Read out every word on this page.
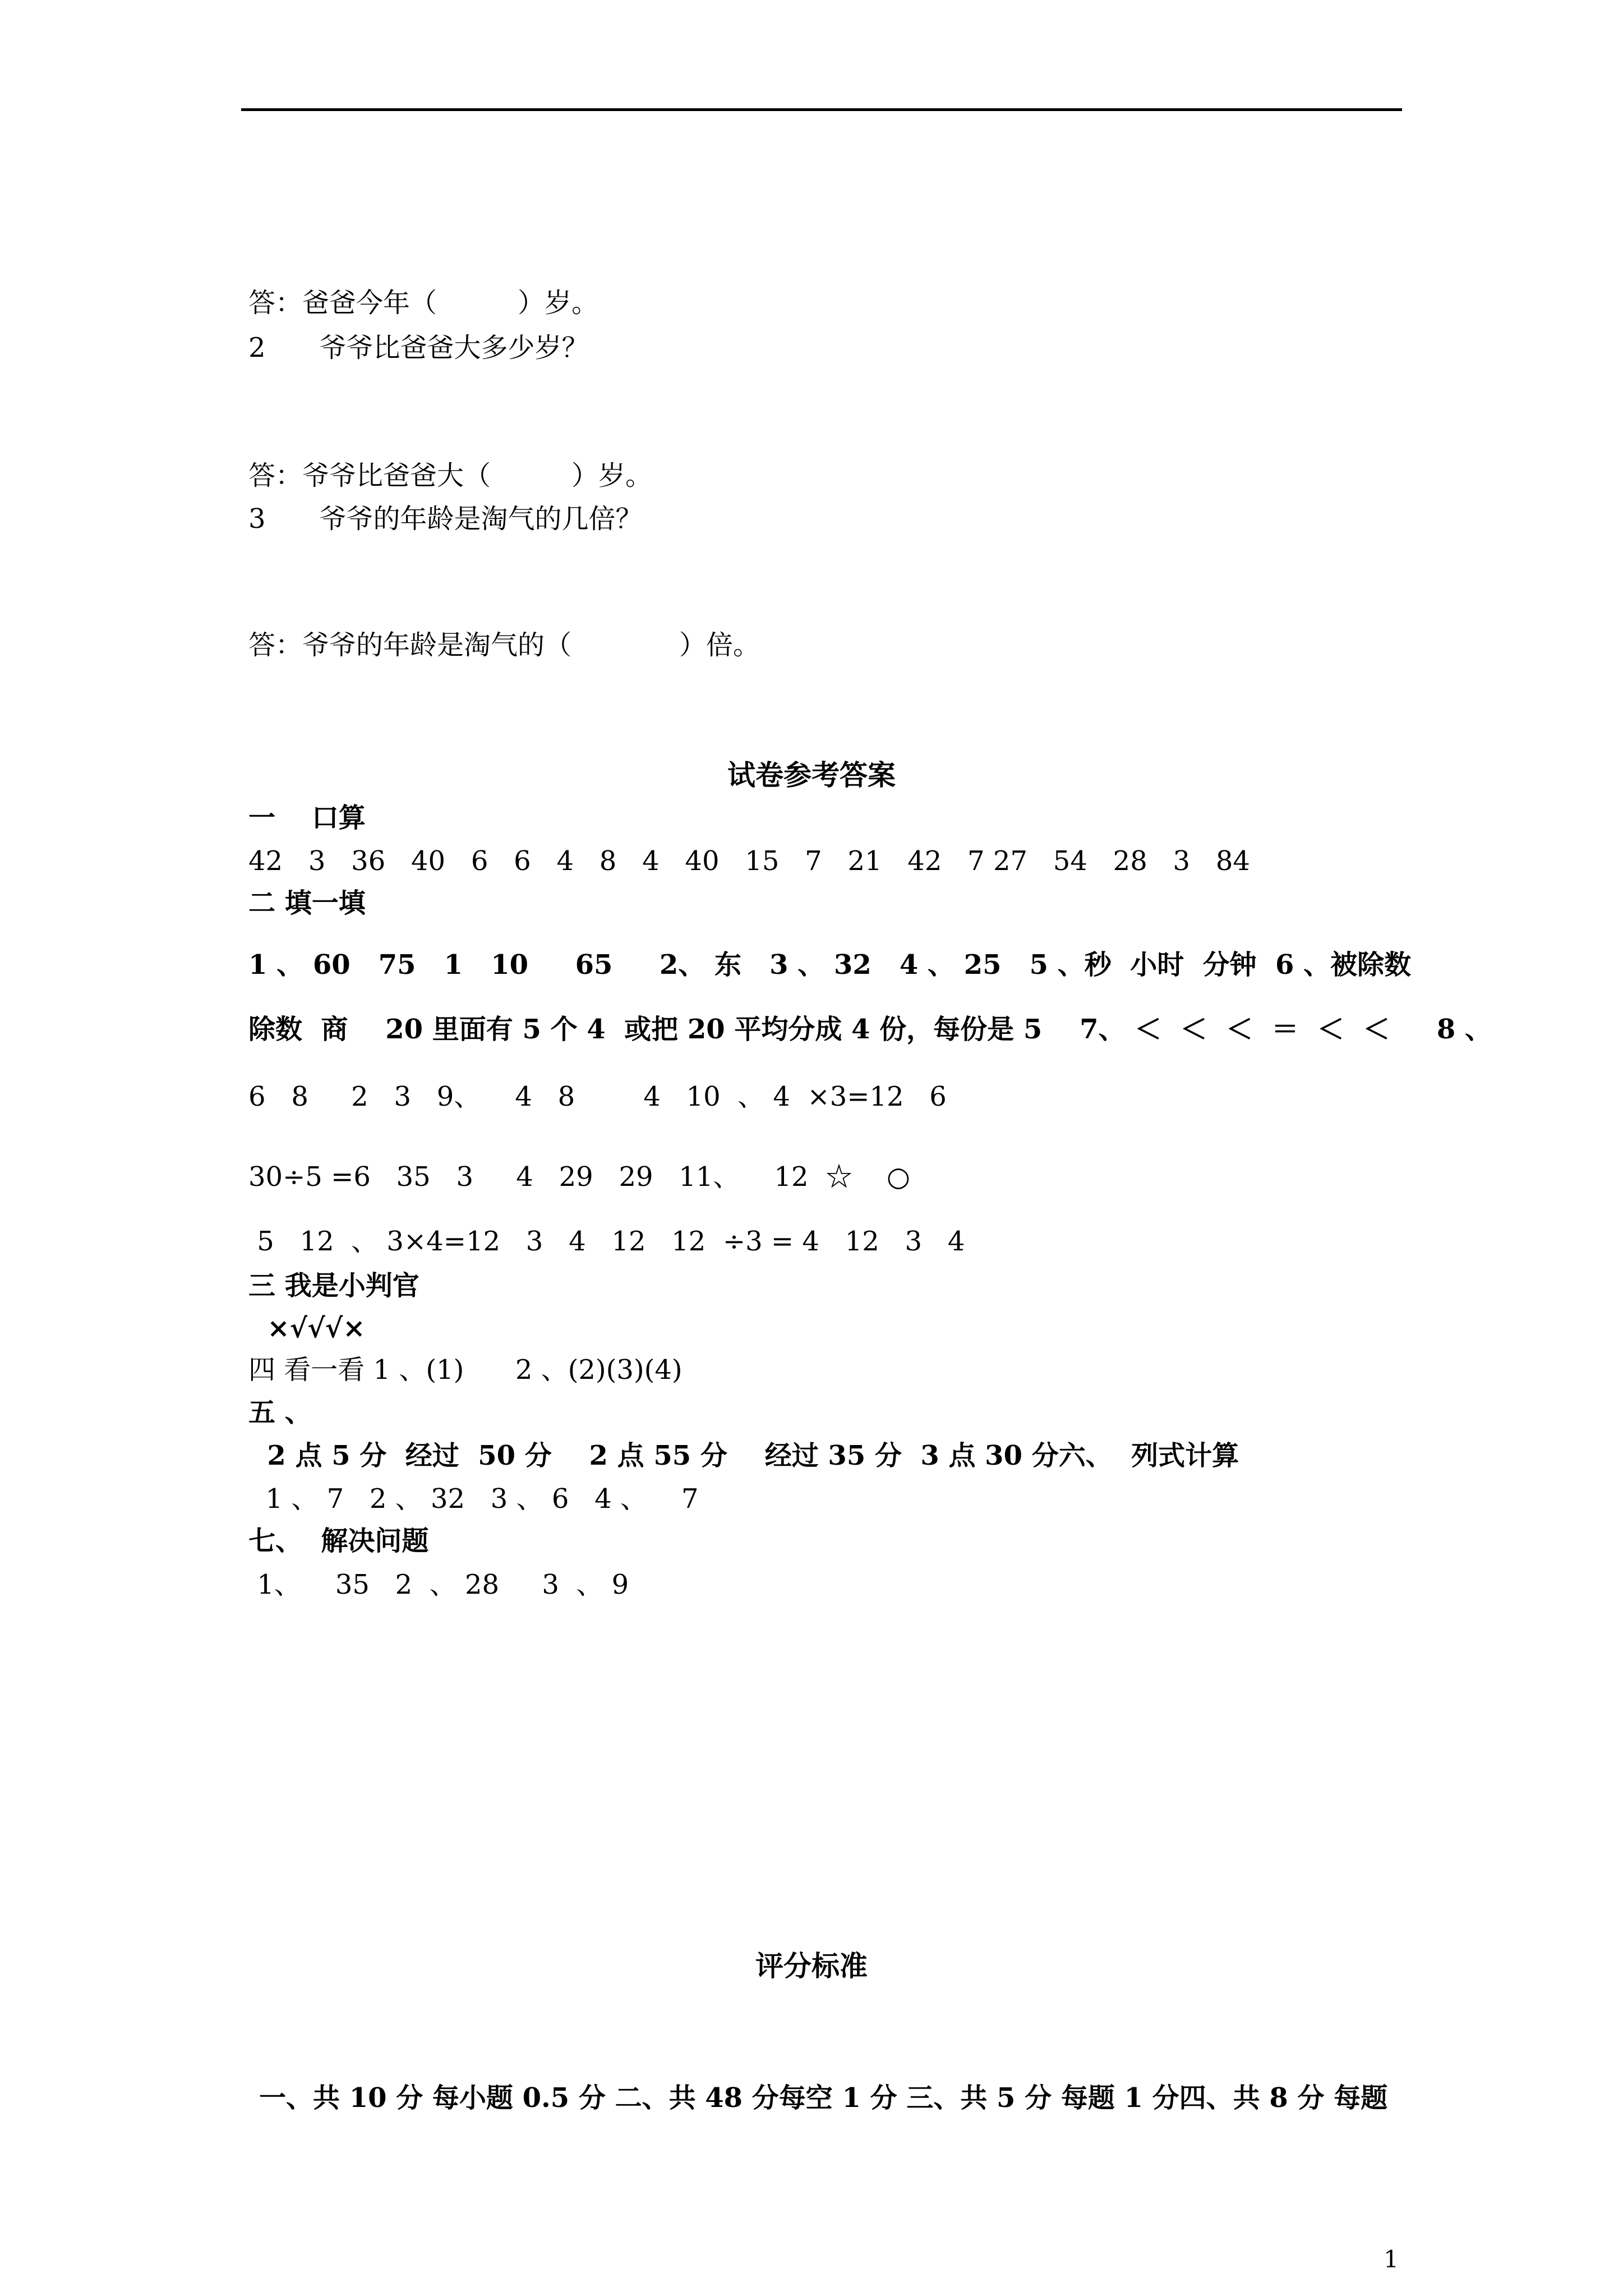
答：爸爸今年（　　　）岁。
2　　爷爷比爸爸大多少岁？
答：爷爷比爸爸大（　　　）岁。
3　　爷爷的年龄是淘气的几倍？
答：爷爷的年龄是淘气的（　　　　）倍。
试卷参考答案
一　 口算
42   3   36   40   6   6   4   8   4   40   15   7   21   42   7 27   54   28   3   84
二 填一填
1 、 60   75   1   10     65     2、 东   3 、 32   4 、 25   5 、秒  小时  分钟  6 、被除数
除数  商    20 里面有 5 个 4  或把 20 平均分成 4 份，每份是 5    7、 ＜  ＜  ＜  ＝  ＜  ＜     8 、
6   8     2   3   9、    4   8        4   10  、 4  ×3=12   6
30÷5 =6   35   3     4   29   29   11、    12  ☆    ○
5   12  、 3×4=12   3   4   12   12  ÷3 = 4   12   3   4
三 我是小判官
×√√√×
四 看一看 1 、(1)      2 、(2)(3)(4)
五 、
2 点 5 分  经过  50 分    2 点 55 分    经过 35 分  3 点 30 分六、  列式计算
1 、 7   2 、 32   3 、 6   4 、    7
七、  解决问题
1、    35   2  、 28     3  、 9
评分标准
一、共 10 分 每小题 0.5 分 二、共 48 分每空 1 分 三、共 5 分 每题 1 分四、共 8 分 每题
1
